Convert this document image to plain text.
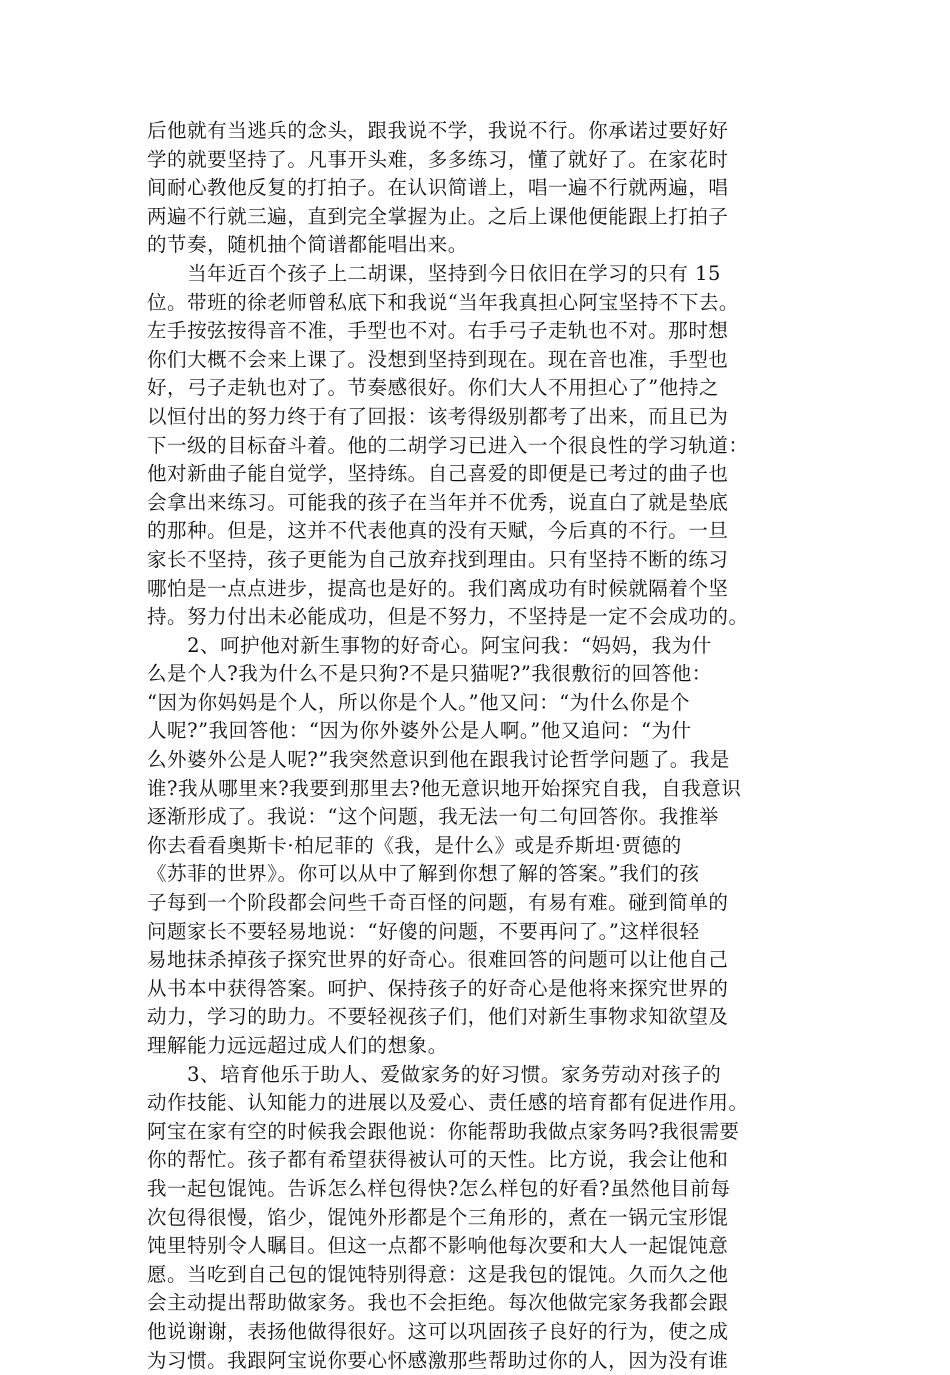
后他就有当逃兵的念头，跟我说不学，我说不行。你承诺过要好好
学的就要坚持了。凡事开头难，多多练习，懂了就好了。在家花时
间耐心教他反复的打拍子。在认识简谱上，唱一遍不行就两遍，唱
两遍不行就三遍，直到完全掌握为止。之后上课他便能跟上打拍子
的节奏，随机抽个简谱都能唱出来。
　　当年近百个孩子上二胡课，坚持到今日依旧在学习的只有 15
位。带班的徐老师曾私底下和我说“当年我真担心阿宝坚持不下去。
左手按弦按得音不准，手型也不对。右手弓子走轨也不对。那时想
你们大概不会来上课了。没想到坚持到现在。现在音也准，手型也
好，弓子走轨也对了。节奏感很好。你们大人不用担心了”他持之
以恒付出的努力终于有了回报：该考得级别都考了出来，而且已为
下一级的目标奋斗着。他的二胡学习已进入一个很良性的学习轨道：
他对新曲子能自觉学，坚持练。自己喜爱的即便是已考过的曲子也
会拿出来练习。可能我的孩子在当年并不优秀，说直白了就是垫底
的那种。但是，这并不代表他真的没有天赋，今后真的不行。一旦
家长不坚持，孩子更能为自己放弃找到理由。只有坚持不断的练习
哪怕是一点点进步，提高也是好的。我们离成功有时候就隔着个坚
持。努力付出未必能成功，但是不努力，不坚持是一定不会成功的。
　　2、呵护他对新生事物的好奇心。阿宝问我：“妈妈，我为什
么是个人?我为什么不是只狗?不是只猫呢?”我很敷衍的回答他：
“因为你妈妈是个人，所以你是个人。”他又问：“为什么你是个
人呢?”我回答他：“因为你外婆外公是人啊。”他又追问：“为什
么外婆外公是人呢?”我突然意识到他在跟我讨论哲学问题了。我是
谁?我从哪里来?我要到那里去?他无意识地开始探究自我，自我意识
逐渐形成了。我说：“这个问题，我无法一句二句回答你。我推举
你去看看奥斯卡·柏尼菲的《我，是什么》或是乔斯坦·贾德的
《苏菲的世界》。你可以从中了解到你想了解的答案。”我们的孩
子每到一个阶段都会问些千奇百怪的问题，有易有难。碰到简单的
问题家长不要轻易地说：“好傻的问题，不要再问了。”这样很轻
易地抹杀掉孩子探究世界的好奇心。很难回答的问题可以让他自己
从书本中获得答案。呵护、保持孩子的好奇心是他将来探究世界的
动力，学习的助力。不要轻视孩子们，他们对新生事物求知欲望及
理解能力远远超过成人们的想象。
　　3、培育他乐于助人、爱做家务的好习惯。家务劳动对孩子的
动作技能、认知能力的进展以及爱心、责任感的培育都有促进作用。
阿宝在家有空的时候我会跟他说：你能帮助我做点家务吗?我很需要
你的帮忙。孩子都有希望获得被认可的天性。比方说，我会让他和
我一起包馄饨。告诉怎么样包得快?怎么样包的好看?虽然他目前每
次包得很慢，馅少，馄饨外形都是个三角形的，煮在一锅元宝形馄
饨里特别令人瞩目。但这一点都不影响他每次要和大人一起馄饨意
愿。当吃到自己包的馄饨特别得意：这是我包的馄饨。久而久之他
会主动提出帮助做家务。我也不会拒绝。每次他做完家务我都会跟
他说谢谢，表扬他做得很好。这可以巩固孩子良好的行为，使之成
为习惯。我跟阿宝说你要心怀感激那些帮助过你的人，因为没有谁
